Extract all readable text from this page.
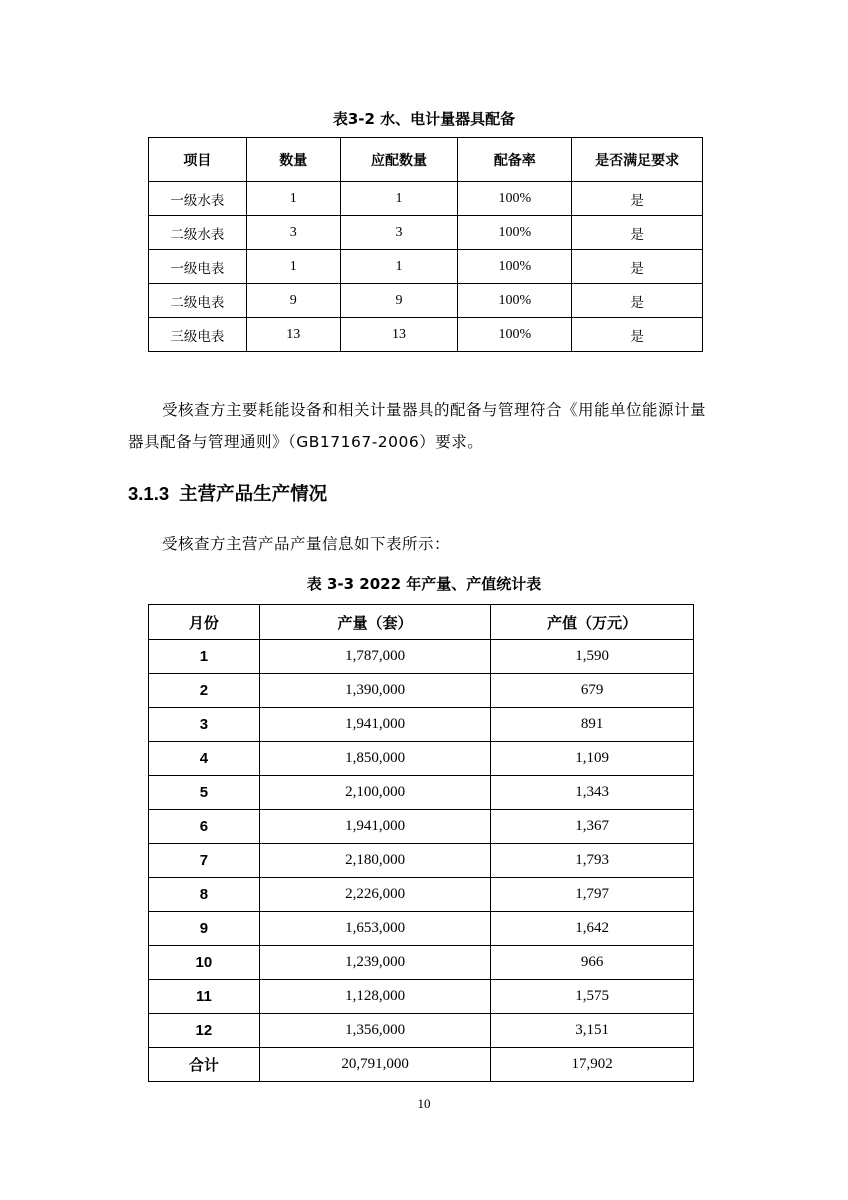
表3-2 水、电计量器具配备
项目	数量	应配数量	配备率	是否满足要求
一级水表	1	1	100%	是
二级水表	3	3	100%	是
一级电表	1	1	100%	是
二级电表	9	9	100%	是
三级电表	13	13	100%	是
受核查方主要耗能设备和相关计量器具的配备与管理符合《用能单位能源计量器具配备与管理通则》（GB17167-2006）要求。
3.1.3 主营产品生产情况
受核查方主营产品产量信息如下表所示：
表 3-3 2022 年产量、产值统计表
月份	产量（套）	产值（万元）
1	1,787,000	1,590
2	1,390,000	679
3	1,941,000	891
4	1,850,000	1,109
5	2,100,000	1,343
6	1,941,000	1,367
7	2,180,000	1,793
8	2,226,000	1,797
9	1,653,000	1,642
10	1,239,000	966
11	1,128,000	1,575
12	1,356,000	3,151
合计	20,791,000	17,902
10
